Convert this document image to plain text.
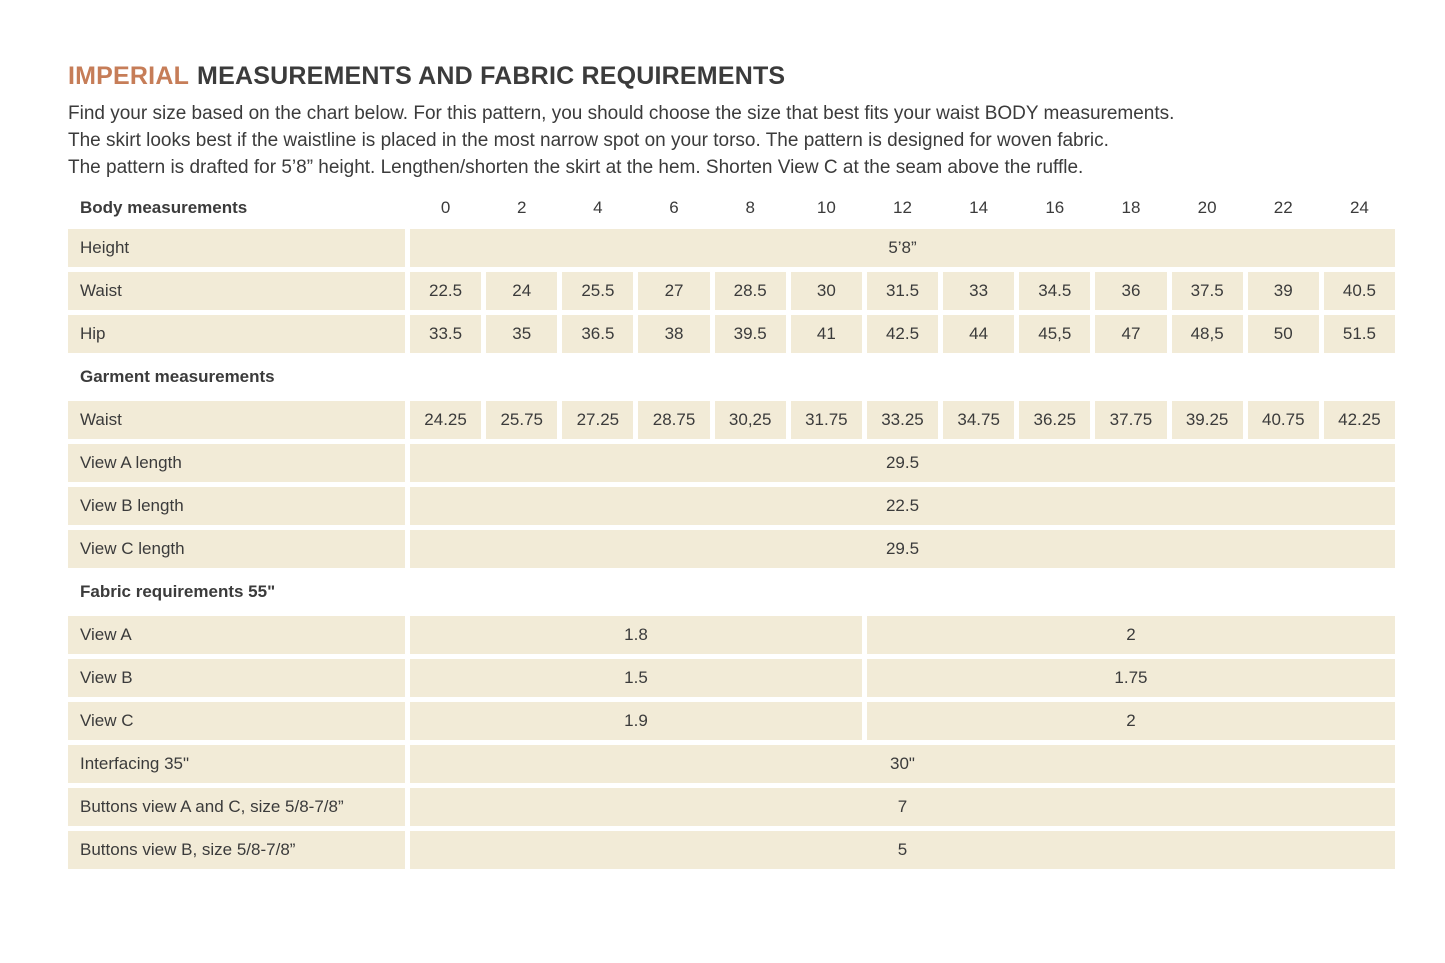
IMPERIAL MEASUREMENTS AND FABRIC REQUIREMENTS
Find your size based on the chart below. For this pattern, you should choose the size that best fits your waist BODY measurements.
The skirt looks best if the waistline is placed in the most narrow spot on your torso. The pattern is designed for woven fabric.
The pattern is drafted for 5’8” height. Lengthen/shorten the skirt at the hem. Shorten View C at the seam above the ruffle.
Body measurements	0	2	4	6	8	10	12	14	16	18	20	22	24
Height	5’8”
Waist	22.5	24	25.5	27	28.5	30	31.5	33	34.5	36	37.5	39	40.5
Hip	33.5	35	36.5	38	39.5	41	42.5	44	45,5	47	48,5	50	51.5
Garment measurements
Waist	24.25	25.75	27.25	28.75	30,25	31.75	33.25	34.75	36.25	37.75	39.25	40.75	42.25
View A length	29.5
View B length	22.5
View C length	29.5
Fabric requirements 55"
View A	1.8	2
View B	1.5	1.75
View C	1.9	2
Interfacing 35"	30"
Buttons view A and C, size 5/8-7/8”	7
Buttons view B, size 5/8-7/8”	5
